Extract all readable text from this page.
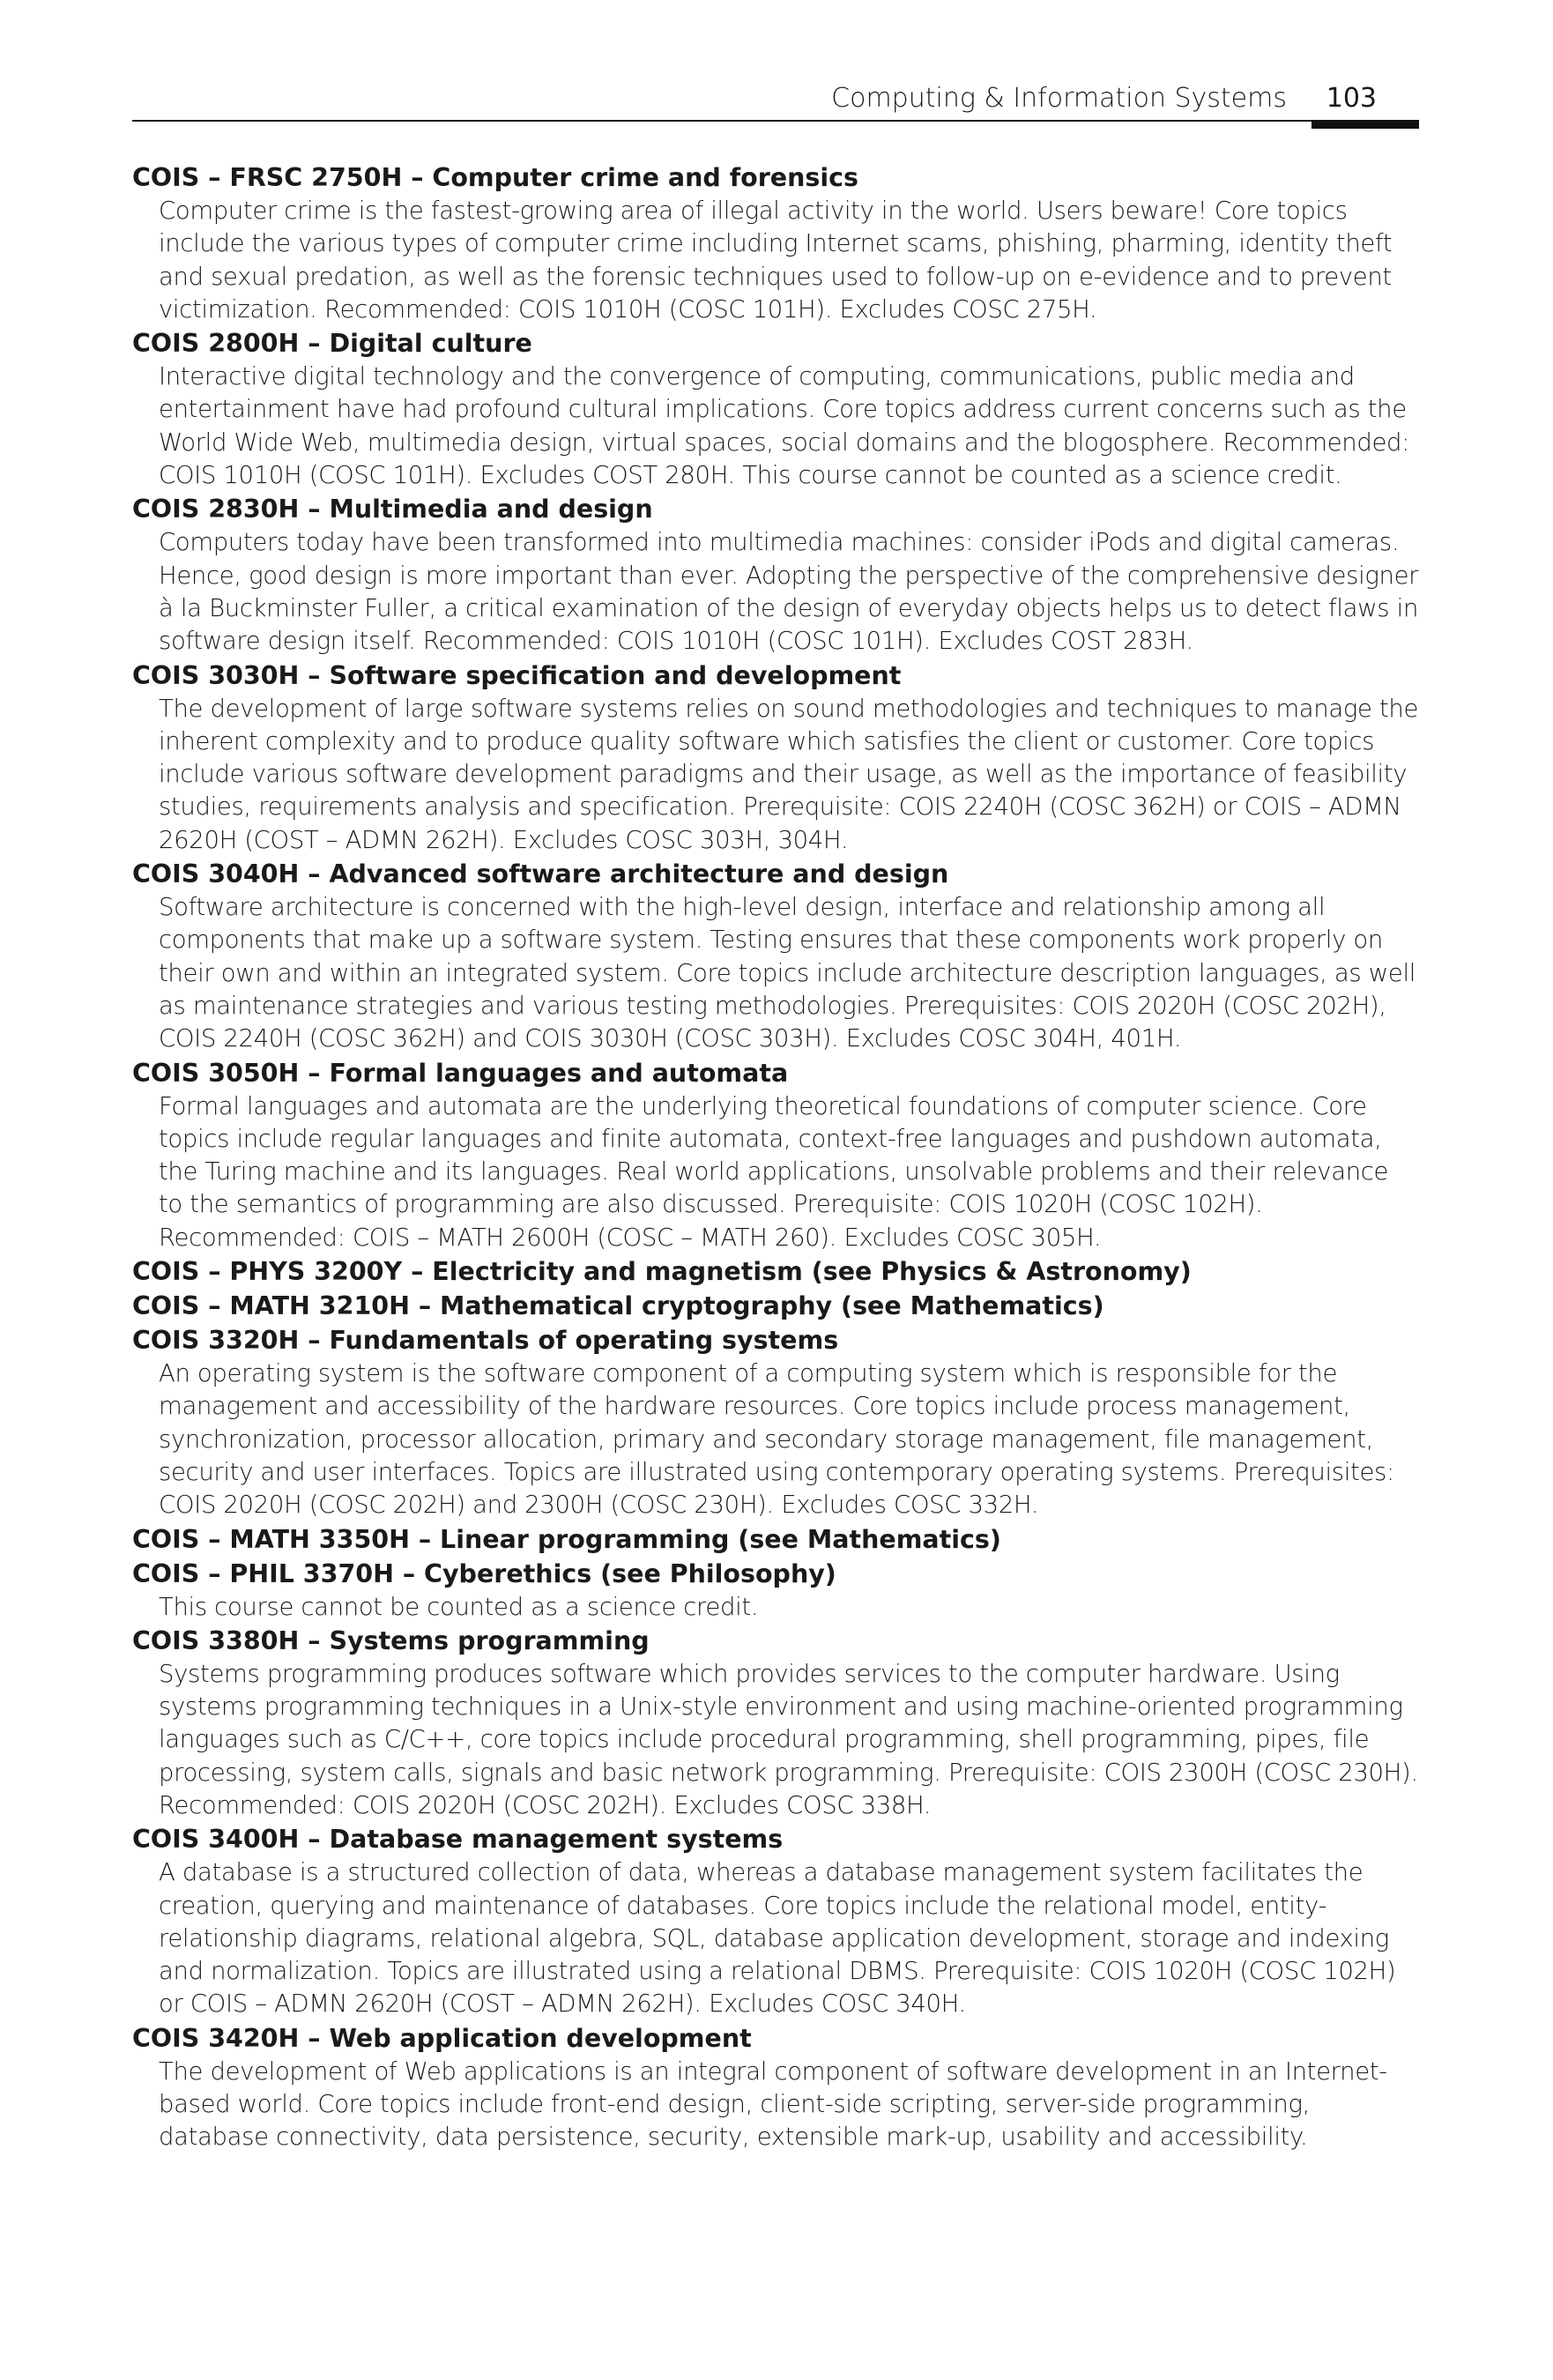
Computing & Information Systems 103
COIS – FRSC 2750H – Computer crime and forensics
Computer crime is the fastest-growing area of illegal activity in the world. Users beware! Core topics include the various types of computer crime including Internet scams, phishing, pharming, identity theft and sexual predation, as well as the forensic techniques used to follow-up on e-evidence and to prevent victimization. Recommended: COIS 1010H (COSC 101H). Excludes COSC 275H.
COIS 2800H – Digital culture
Interactive digital technology and the convergence of computing, communications, public media and entertainment have had profound cultural implications. Core topics address current concerns such as the World Wide Web, multimedia design, virtual spaces, social domains and the blogosphere. Recommended: COIS 1010H (COSC 101H). Excludes COST 280H. This course cannot be counted as a science credit.
COIS 2830H – Multimedia and design
Computers today have been transformed into multimedia machines: consider iPods and digital cameras. Hence, good design is more important than ever. Adopting the perspective of the comprehensive designer à la Buckminster Fuller, a critical examination of the design of everyday objects helps us to detect flaws in software design itself. Recommended: COIS 1010H (COSC 101H). Excludes COST 283H.
COIS 3030H – Software specification and development
The development of large software systems relies on sound methodologies and techniques to manage the inherent complexity and to produce quality software which satisfies the client or customer. Core topics include various software development paradigms and their usage, as well as the importance of feasibility studies, requirements analysis and specification. Prerequisite: COIS 2240H (COSC 362H) or COIS – ADMN 2620H (COST – ADMN 262H). Excludes COSC 303H, 304H.
COIS 3040H – Advanced software architecture and design
Software architecture is concerned with the high-level design, interface and relationship among all components that make up a software system. Testing ensures that these components work properly on their own and within an integrated system. Core topics include architecture description languages, as well as maintenance strategies and various testing methodologies. Prerequisites: COIS 2020H (COSC 202H), COIS 2240H (COSC 362H) and COIS 3030H (COSC 303H). Excludes COSC 304H, 401H.
COIS 3050H – Formal languages and automata
Formal languages and automata are the underlying theoretical foundations of computer science. Core topics include regular languages and finite automata, context-free languages and pushdown automata, the Turing machine and its languages. Real world applications, unsolvable problems and their relevance to the semantics of programming are also discussed. Prerequisite: COIS 1020H (COSC 102H). Recommended: COIS – MATH 2600H (COSC – MATH 260). Excludes COSC 305H.
COIS – PHYS 3200Y – Electricity and magnetism (see Physics & Astronomy)
COIS – MATH 3210H – Mathematical cryptography (see Mathematics)
COIS 3320H – Fundamentals of operating systems
An operating system is the software component of a computing system which is responsible for the management and accessibility of the hardware resources. Core topics include process management, synchronization, processor allocation, primary and secondary storage management, file management, security and user interfaces. Topics are illustrated using contemporary operating systems. Prerequisites: COIS 2020H (COSC 202H) and 2300H (COSC 230H). Excludes COSC 332H.
COIS – MATH 3350H – Linear programming (see Mathematics)
COIS – PHIL 3370H – Cyberethics (see Philosophy)
This course cannot be counted as a science credit.
COIS 3380H – Systems programming
Systems programming produces software which provides services to the computer hardware. Using systems programming techniques in a Unix-style environment and using machine-oriented programming languages such as C/C++, core topics include procedural programming, shell programming, pipes, file processing, system calls, signals and basic network programming. Prerequisite: COIS 2300H (COSC 230H). Recommended: COIS 2020H (COSC 202H). Excludes COSC 338H.
COIS 3400H – Database management systems
A database is a structured collection of data, whereas a database management system facilitates the creation, querying and maintenance of databases. Core topics include the relational model, entity-relationship diagrams, relational algebra, SQL, database application development, storage and indexing and normalization. Topics are illustrated using a relational DBMS. Prerequisite: COIS 1020H (COSC 102H) or COIS – ADMN 2620H (COST – ADMN 262H). Excludes COSC 340H.
COIS 3420H – Web application development
The development of Web applications is an integral component of software development in an Internet-based world. Core topics include front-end design, client-side scripting, server-side programming, database connectivity, data persistence, security, extensible mark-up, usability and accessibility.
